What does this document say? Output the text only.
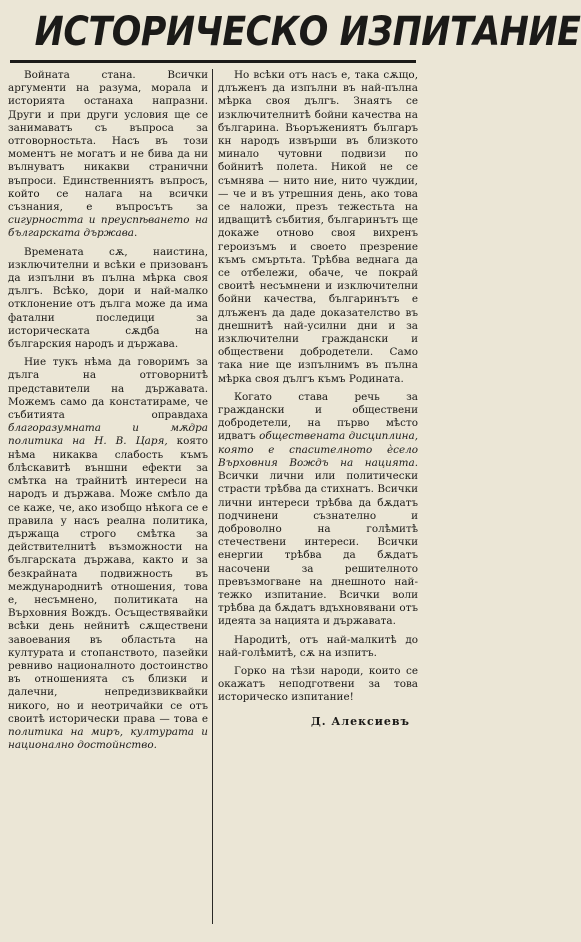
ИСТОРИЧЕСКО ИЗПИТАНИЕ

Войната стана. Всички аргументи на разума, морала и историята останаха напразни. Други и при други условия ще се занимаватъ съ въпроса за отговорностьта. Насъ въ този моментъ не могатъ и не бива да ни вълнуватъ никакви странични въпроси. Единственниятъ въпросъ, който се налага на всички съзнания, е въпросътъ за сигурността и преуспѣването на българската държава.

Времената сѫ, наистина, изключителни и всѣки е призованъ да изпълни въ пълна мѣрка своя дългъ. Всѣко, дори и най-малко отклонение отъ дълга може да има фатални последици за историческата сѫдба на българския народъ и държава.

Ние тукъ нѣма да говоримъ за дълга на отговорнитѣ представители на държавата. Можемъ само да констатираме, че събитията оправдаха благоразумната и мѫдра политика на Н. В. Царя, която нѣма никаква слабость къмъ блѣскавитѣ външни ефекти за смѣтка на трайнитѣ интереси на народъ и държава. Може смѣло да се каже, че, ако изобщо нѣкога се е правила у насъ реална политика, държаща строго смѣтка за действителнитѣ възможности на българската държава, както и за безкрайната подвижность въ международнитѣ отношения, това е, несъмнено, политиката на Върховния Вождъ. Осъществявайки всѣки день нейнитѣ сѫществени завоевания въ областьта на културата и стопанството, пазейки ревниво националното достоинство въ отношенията съ близки и далечни, непредизвиквайки никого, но и неотричайки се отъ своитѣ исторически права — това е политика на миръ, културата и национално достойнство.

Но всѣки отъ насъ е, така сѫщо, длъженъ да изпълни въ най-пълна мѣрка своя дългъ. Знаятъ се изключителнитѣ бойни качества на българина. Въоръжениятъ българъ кн народъ извърши въ близкото минало чутовни подвизи по бойнитѣ полета. Никой не се съмнява — нито ние, нито чуждии, — че и въ утрешния день, ако това се наложи, презъ тежестьта на идващитѣ събития, българинътъ ще докаже отново своя вихренъ героизъмъ и своето презрение къмъ смъртьта. Трѣбва веднага да се отбележи, обаче, че покрай своитѣ несъмнени и изключителни бойни качества, българинътъ е длъженъ да даде доказателство въ днешнитѣ най-усилни дни и за изключителни граждански и обществени добродетели. Само така ние ще изпълнимъ въ пълна мѣрка своя дългъ къмъ Родината.

Когато става речь за граждански и обществени добродетели, на първо мѣсто идватъ обществената дисциплина, която е спасителното ѐсело Върховния Вождъ на нацията. Всички лични или политически страсти трѣбва да стихнатъ. Всички лични интереси трѣбва да бѫдатъ подчинени съзнателно и доброволно на голѣмитѣ стечествени интереси. Всички енергии трѣбва да бѫдатъ насочени за решителното превъзмогване на днешното най-тежко изпитание. Всички воли трѣбва да бѫдатъ вдъхновявани отъ идеята за нацията и държавата.

Народитѣ, отъ най-малкитѣ до най-голѣмитѣ, сѫ на изпитъ.

Горко на тѣзи народи, които се окажатъ неподготвени за това историческо изпитание!

Д. Алексиевъ
